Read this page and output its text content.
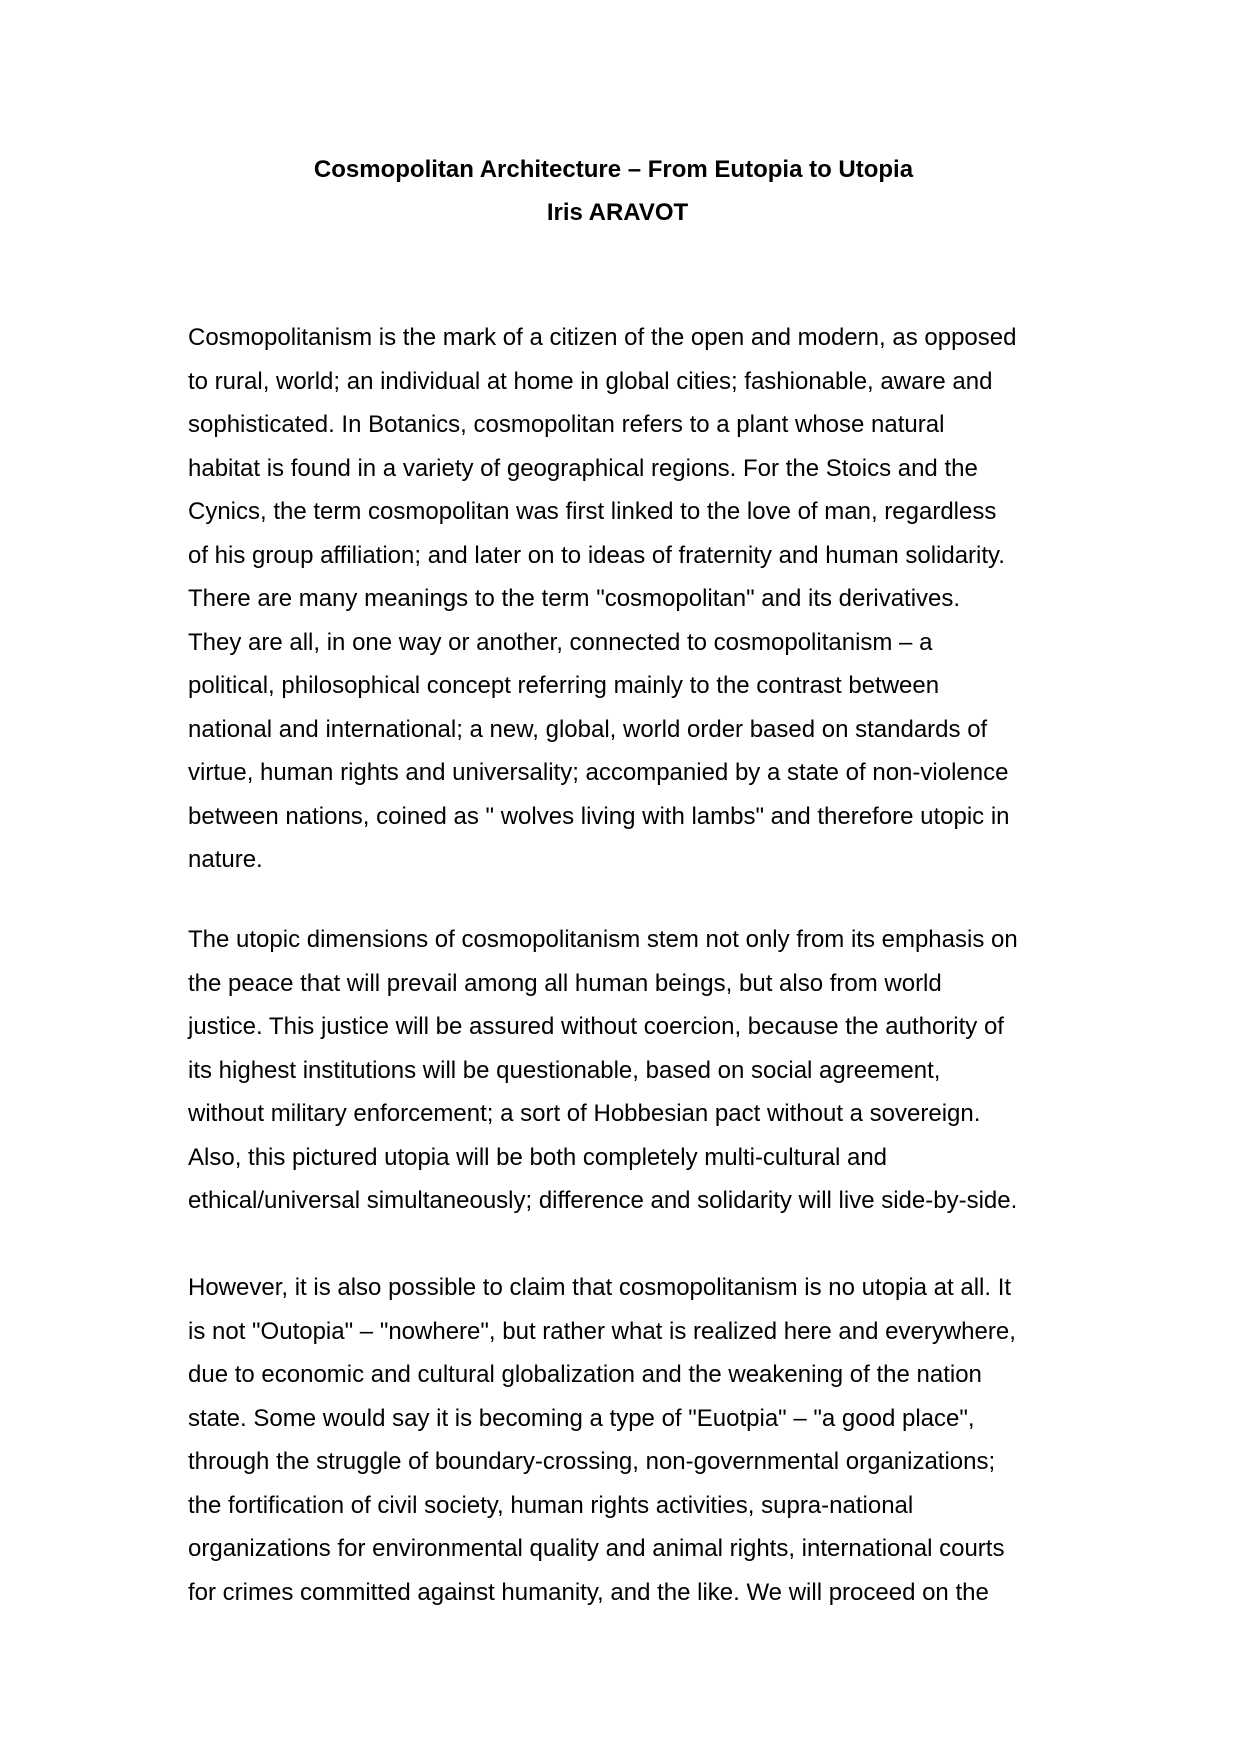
Cosmopolitan Architecture – From Eutopia to Utopia
Iris ARAVOT
Cosmopolitanism is the mark of a citizen of the open and modern, as opposed
to rural, world; an individual at home in global cities; fashionable, aware and
sophisticated. In Botanics, cosmopolitan refers to a plant whose natural
habitat is found in a variety of geographical regions. For the Stoics and the
Cynics, the term cosmopolitan was first linked to the love of man, regardless
of his group affiliation; and later on to ideas of fraternity and human solidarity.
There are many meanings to the term "cosmopolitan" and its derivatives.
They are all, in one way or another, connected to cosmopolitanism – a
political, philosophical concept referring mainly to the contrast between
national and international; a new, global, world order based on standards of
virtue, human rights and universality; accompanied by a state of non-violence
between nations, coined as " wolves living with lambs" and therefore utopic in
nature.
The utopic dimensions of cosmopolitanism stem not only from its emphasis on
the peace that will prevail among all human beings, but also from world
justice. This justice will be assured without coercion, because the authority of
its highest institutions will be questionable, based on social agreement,
without military enforcement; a sort of Hobbesian pact without a sovereign.
Also, this pictured utopia will be both completely multi-cultural and
ethical/universal simultaneously; difference and solidarity will live side-by-side.
However, it is also possible to claim that cosmopolitanism is no utopia at all. It
is not "Outopia" – "nowhere", but rather what is realized here and everywhere,
due to economic and cultural globalization and the weakening of the nation
state. Some would say it is becoming a type of "Euotpia" – "a good place",
through the struggle of boundary-crossing, non-governmental organizations;
the fortification of civil society, human rights activities, supra-national
organizations for environmental quality and animal rights, international courts
for crimes committed against humanity, and the like. We will proceed on the
